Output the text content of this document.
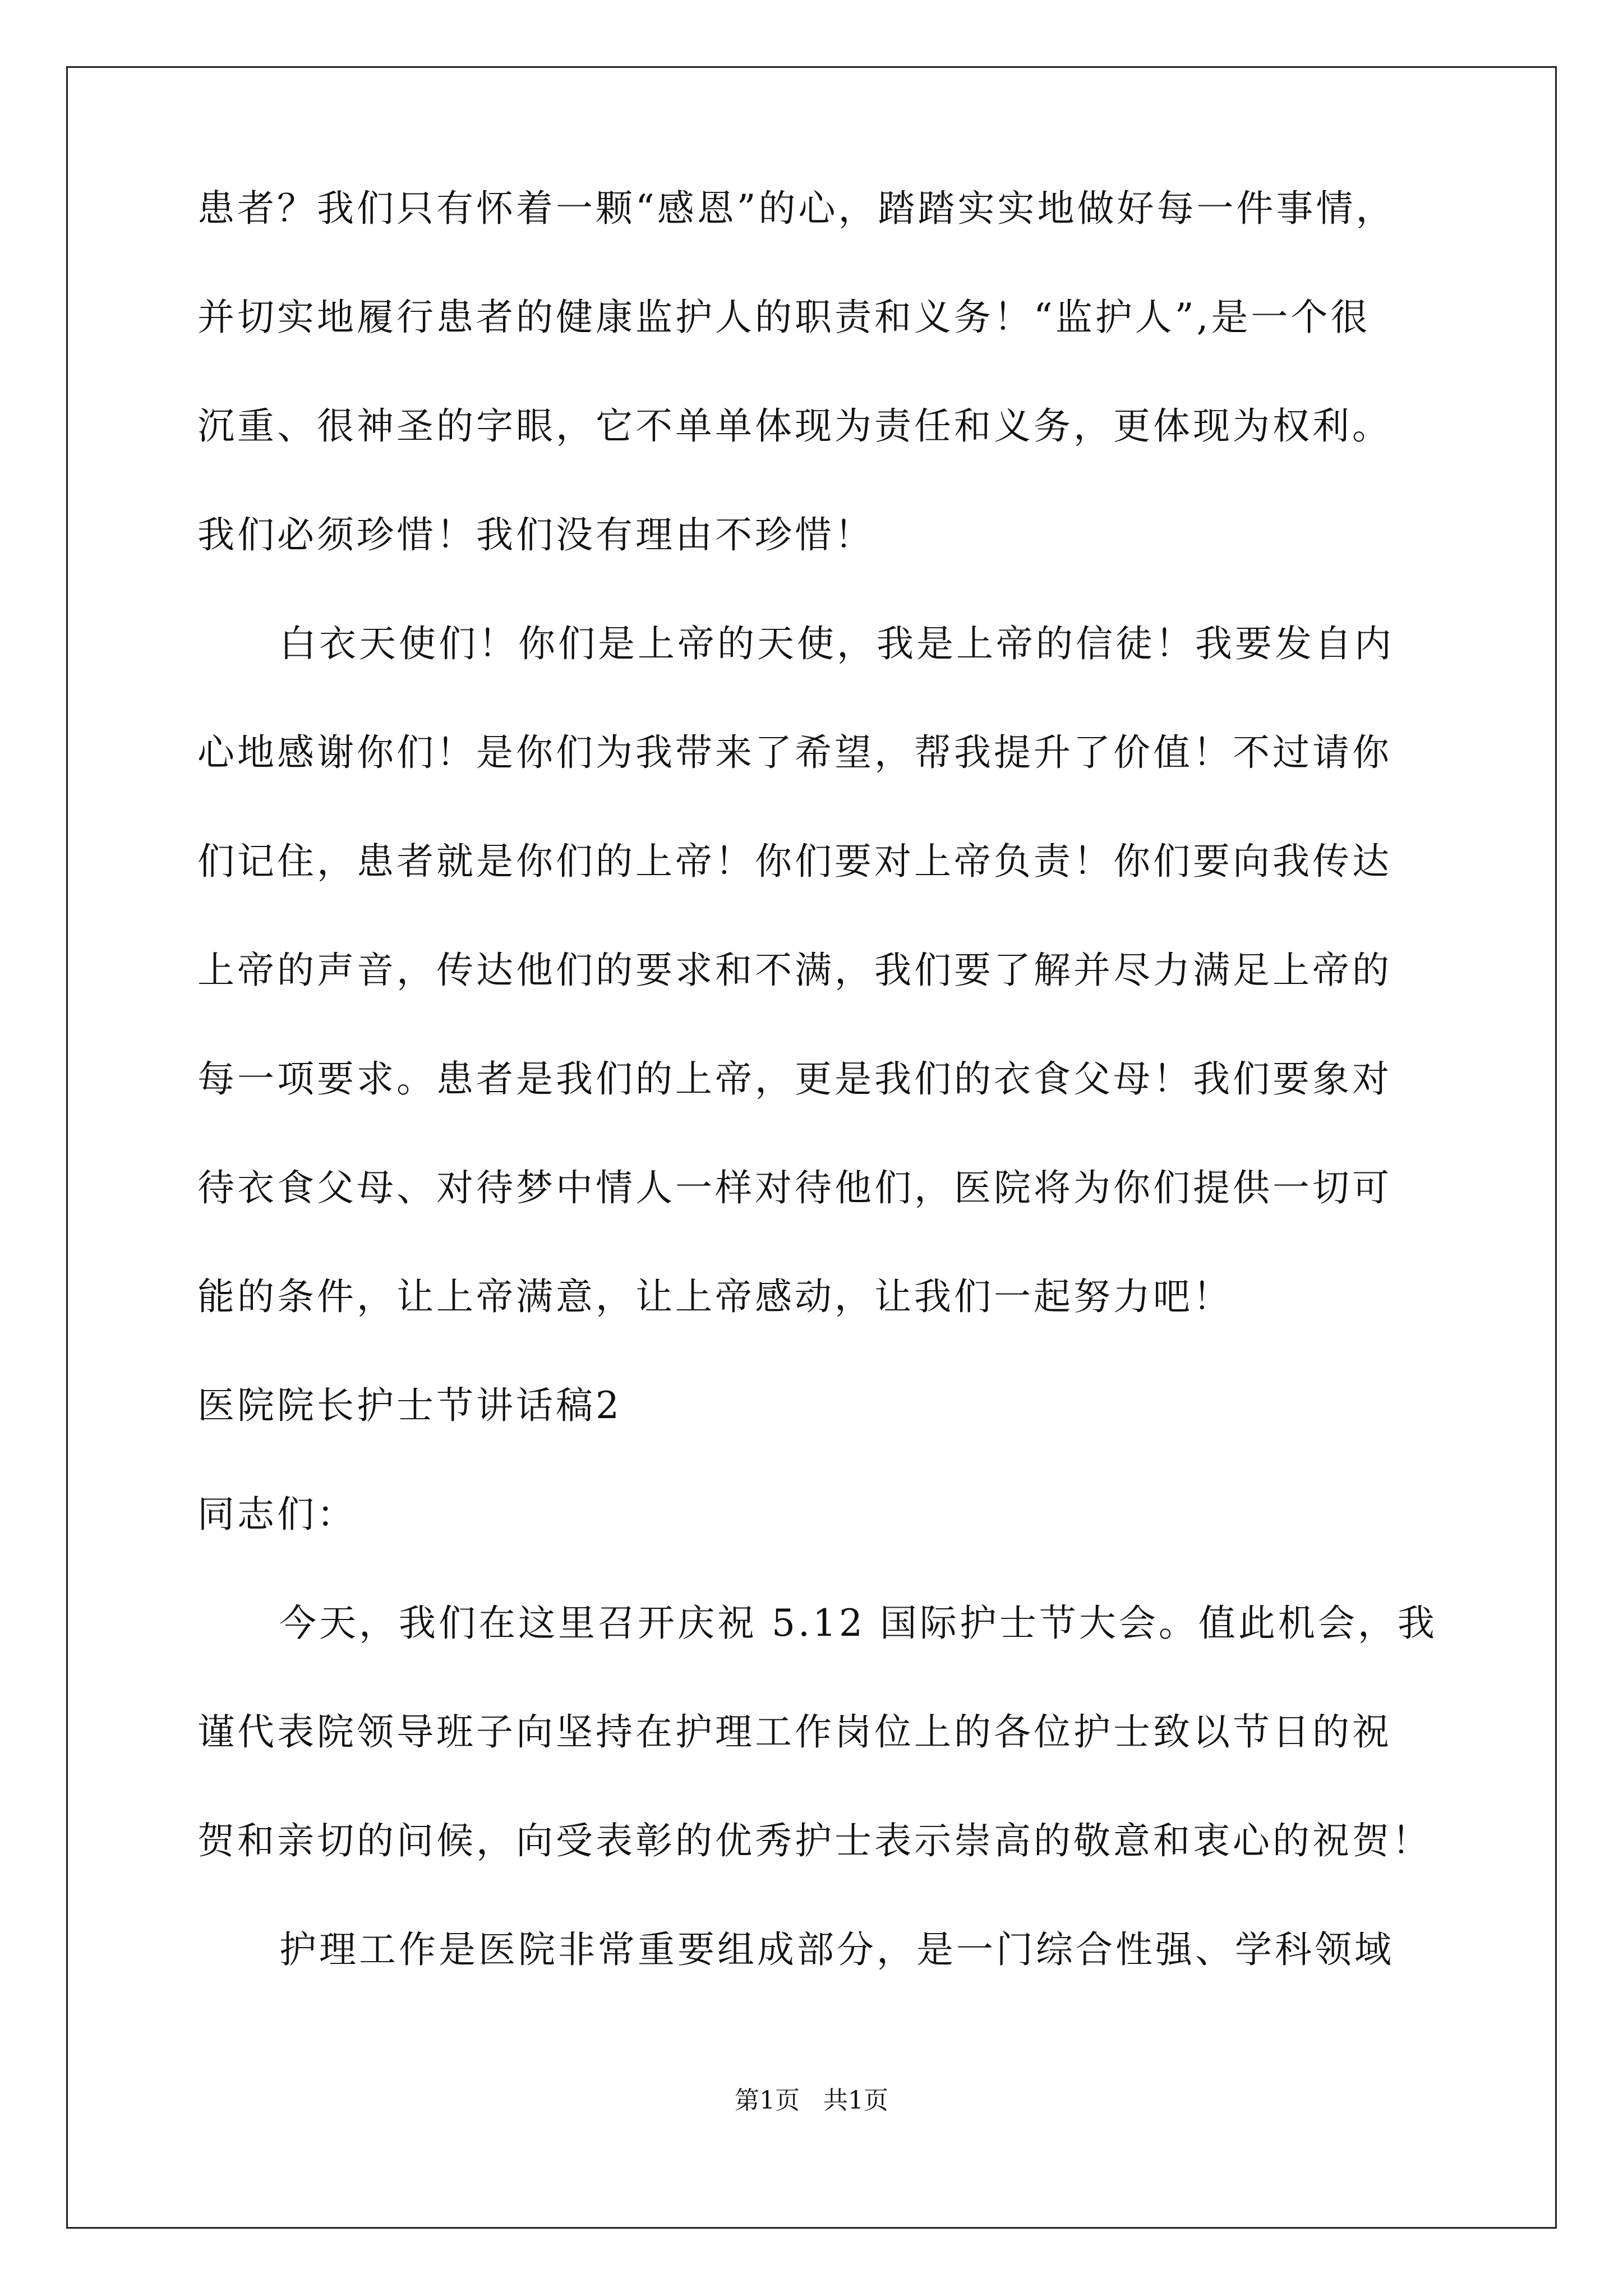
患者？我们只有怀着一颗“感恩”的心，踏踏实实地做好每一件事情，
并切实地履行患者的健康监护人的职责和义务！“监护人”,是一个很
沉重、很神圣的字眼，它不单单体现为责任和义务，更体现为权利。
我们必须珍惜！我们没有理由不珍惜！
白衣天使们！你们是上帝的天使，我是上帝的信徒！我要发自内
心地感谢你们！是你们为我带来了希望，帮我提升了价值！不过请你
们记住，患者就是你们的上帝！你们要对上帝负责！你们要向我传达
上帝的声音，传达他们的要求和不满，我们要了解并尽力满足上帝的
每一项要求。患者是我们的上帝，更是我们的衣食父母！我们要象对
待衣食父母、对待梦中情人一样对待他们，医院将为你们提供一切可
能的条件，让上帝满意，让上帝感动，让我们一起努力吧！
医院院长护士节讲话稿2
同志们：
今天，我们在这里召开庆祝 5.12 国际护士节大会。值此机会，我
谨代表院领导班子向坚持在护理工作岗位上的各位护士致以节日的祝
贺和亲切的问候，向受表彰的优秀护士表示崇高的敬意和衷心的祝贺！
护理工作是医院非常重要组成部分，是一门综合性强、学科领域
第1页 共1页
